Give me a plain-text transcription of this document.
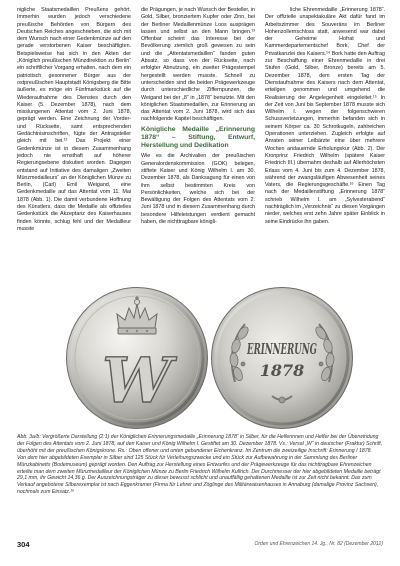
nigliche Staatsmedaillen Preußens gehört. Immerhin wurden jedoch verschiedene preußische Behörden von Bürgern des Deutschen Reiches angeschrieben, die sich mit dem Wunsch nach einer Gedenkmünze auf den gerade verstorbenen Kaiser beschäftigten. Beispielsweise hat sich in den Akten der „Königlich preußischen Münzdirektion zu Berlin“ ein schriftlicher Vorgang erhalten, nach dem ein patriotisch gesonnener Bürger aus der ostpreußischen Hauptstadt Königsberg die Bitte äußerte, es möge ein Fünfmarkstück auf die Wiederaufnahme des Dienstes durch den Kaiser (5. Dezember 1878), nach dem misslungenen Attentat vom 2. Juni 1878, geprägt werden. Eine Zeichnung der Vorder- und Rückseite, samt entsprechenden Gedächtnisinschriften, fügte der Antragsteller gleich mit bei.¹² Das Projekt einer Gedenkmünze ist in diesem Zusammenhang jedoch nie ernsthaft auf höherer Regierungsebene diskutiert worden. Dagegen entstand auf Initiative des damaligen „Zweiten Münzmedailleurs“ an der Königlichen Münze zu Berlin, (Carl) Emil Weigand, eine Gedenkmedaille auf das Attentat vom 11. Mai 1878 (Abb. 1). Die damit verbundene Hoffnung des Künstlers, dass die Medaille als offizielles Gedenkstück die Akzeptanz des Kaiserhauses finden könnte, schlug fehl und der Medailleur musste

die Prägungen, je nach Wunsch der Besteller, in Gold, Silber, bronziertem Kupfer oder Zinn, bei der Berliner Medaillenmünze Loos ausprägen lassen und selbst an den Mann bringen.¹³ Offenbar scheint das Interesse bei der Bevölkerung ziemlich groß gewesen zu sein und die „Attentatsmedaillen“ fanden guten Absatz, so dass von der Rückseite, nach erfolgter Abnutzung, ein zweiter Prägestempel hergestellt werden musste. Schnell zu unterscheiden sind die beiden Prägewerkzeuge durch unterschiedliche Ziffernpunzen, die Weigand bei der „8“ in „1878“ benutzte. Mit den königlichen Staatsmedaillen, zur Erinnerung an das Attentat vom 2. Juni 1878, wird sich das nachfolgende Kapitel beschäftigen.

Königliche Medaille „Erinnerung 1878“ – Stiftung, Entwurf, Herstellung und Dedikation

Wie es die Archivalien der preußischen Generalordenskommission (GOK) belegen, stiftete Kaiser und König Wilhelm I. am 30. Dezember 1878, als Danksagung für einen von ihm selbst bestimmten Kreis von Persönlichkeiten, welche sich bei der Bewältigung der Folgen des Attentats vom 2. Juni 1878 und in diesem Zusammenhang durch besondere Hilfeleistungen verdient gemacht haben, die nichttragbare königli-

liche Ehrenmedaille „Erinnerung 1878“. Der offizielle unspektakuläre Akt dafür fand im Arbeitszimmer des Souveräns im Berliner Hohenzollernschloss statt, anwesend war dabei der Geheime Hofrat und Kammerdepartementschef Bork, Chef der Privatkanzlei des Kaisers.¹⁴ Bork hatte den Auftrag zur Beschaffung einer Ehrenmedaille in drei Stufen (Gold, Silber, Bronze) bereits am 5. Dezember 1878, dem ersten Tag der Dienstaufnahme des Kaisers nach dem Attentat, erteilgen genommen und umgehend die Realisierung der Angelegenheit eingeleitet.¹⁵ In der Zeit von Juni bis September 1878 musste sich Wilhelm I. wegen der folgenschweren Schussverletzungen, immerhin befanden sich in seinem Körper ca. 30 Schrotkugeln, zahlreichen Operationen unterziehen. Zugleich erfolgte auf Anraten seiner Leibärzte eine über mehrere Wochen andauernde Erholungskur (Abb. 2). Der Kronprinz Friedrich Wilhelm (spätere Kaiser Friedrich III.) übernahm deshalb auf Allerhöchsten Erlass vom 4. Juni bis zum 4. Dezember 1878, während der zwangsläufigen Abwesenheit seines Vaters, die Regierungsgeschäfte.¹⁶ Einen Tag nach der Medaillenstiftung „Erinnerung 1878“ schrieb Wilhelm I. am „Sylvesterabend“ nachträglich im „Verzeichnis“ zu diesen Vorgängen nieder, welches erst zehn Jahre später Einblick in seine Eindrücke ihn gaben.

W	ERINNERUNG
1878

Abb. 3a/b: Vergrößerte Darstellung (2:1) der Königlichen Erinnerungsmedaille „Erinnerung 1878“ in Silber, für die Helferinnen und Helfer bei der Überwindung der Folgen des Attentats vom 2. Juni 1878, auf den Kaiser und König Wilhelm I. Gestiftet am 30. Dezember 1878. Vs.: Versal „W“ in deutscher (Fraktur) Schrift, überhöht mit der preußischen Königskrone. Rs.: Oben offener und unten gebundener Eichenkranz. Im Zentrum die zweizeilige Inschrift: Erinnerung / 1878.

Von dem hier abgebildeten Exemplar in Silber sind 125 Stück für Verleihungszwecke und ein Stück zur Aufbewahrung in der Sammlung des Berliner Münzkabinetts (Bodemuseum) geprägt worden. Den Auftrag zur Herstellung eines Entwurfes und der Prägewerkzeuge für das nichttragbare Ehrenzeichen erteilte man dem zweiten Münzmedailleur der Königlichen Münze zu Berlin Friedrich Wilhelm Kullrich. Der Durchmesser der hier abgebildeten Medaille beträgt 29,1 mm, ihr Gewicht 14,36 g. Der Auszeichnungsträger zu dieser bewusst schlicht und unauffällig gehaltenen Medaille ist zur Zeit nicht bekannt. Das zum Verkauf angebotene Silberexemplar ist nach Eggenkramer (Firma für Lehrer und Zöglinge des Militärwaisenhauses in Annaburg (damalige Provinz Sachsen), nochmals zum Einsatz.¹⁵

304	Orden und Ehrenzeichen 14. Jg., Nr. 82 (Dezember 2012)
